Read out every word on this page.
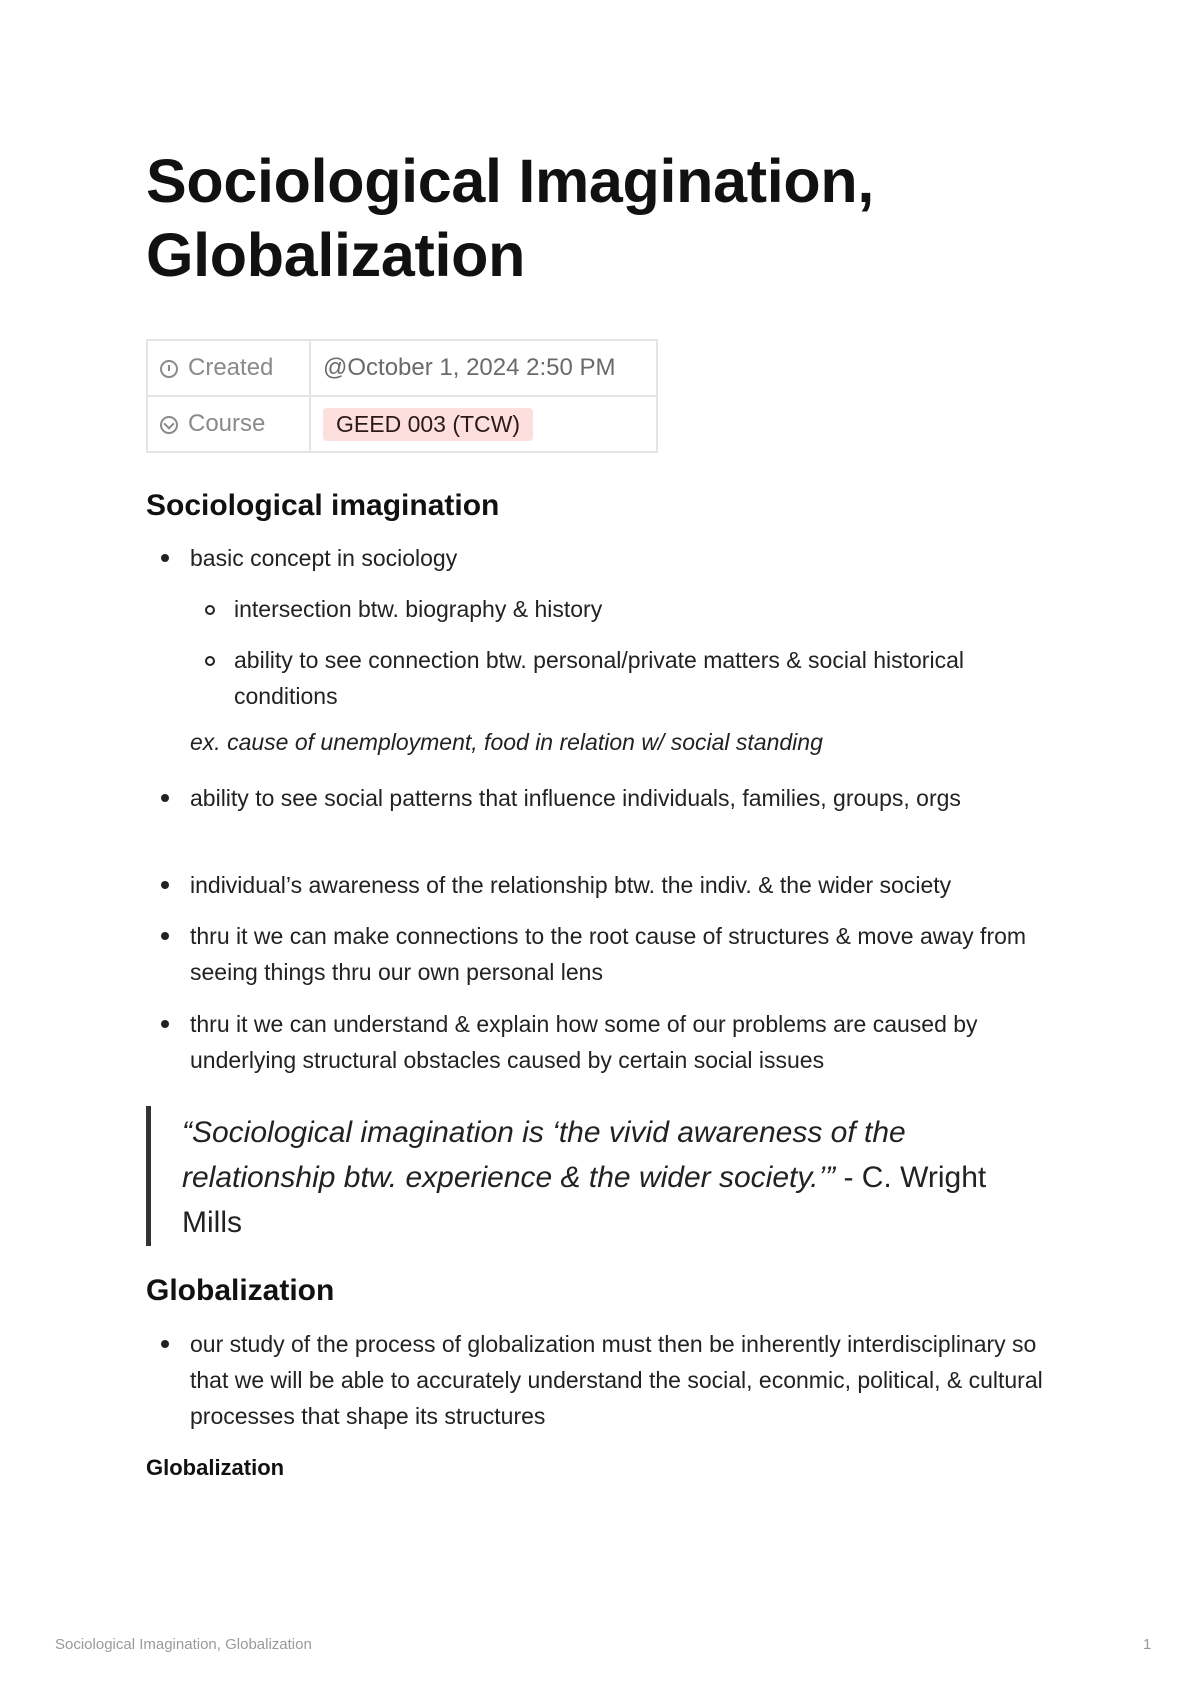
Sociological Imagination,
Globalization
Created	@October 1, 2024 2:50 PM

Course	GEED 003 (TCW)
Sociological imagination
basic concept in sociology
intersection btw. biography & history
ability to see connection btw. personal/private matters & social historical conditions
ex. cause of unemployment, food in relation w/ social standing
ability to see social patterns that influence individuals, families, groups, orgs
individual’s awareness of the relationship btw. the indiv. & the wider society
thru it we can make connections to the root cause of structures & move away from seeing things thru our own personal lens
thru it we can understand & explain how some of our problems are caused by underlying structural obstacles caused by certain social issues

“Sociological imagination is ‘the vivid awareness of the relationship btw. experience & the wider society.’” - C. Wright Mills

Globalization
our study of the process of globalization must then be inherently interdisciplinary so that we will be able to accurately understand the social, econmic, political, & cultural processes that shape its structures
Globalization
Sociological Imagination, Globalization	1
